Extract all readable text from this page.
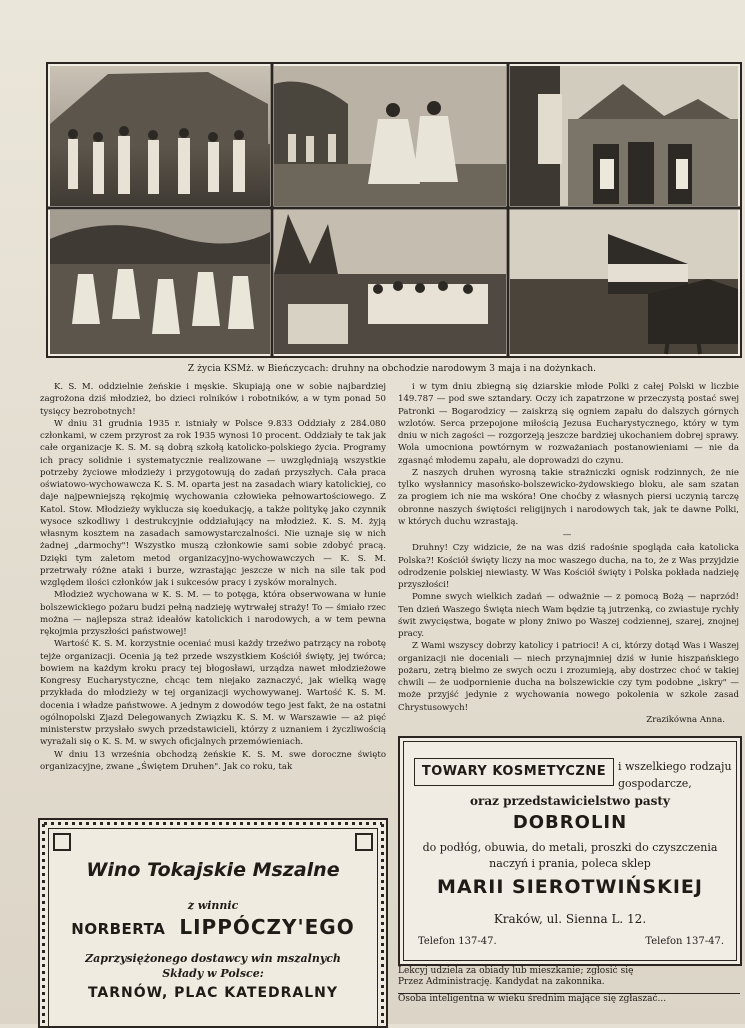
Z życia KSMż. w Bieńczycach: druhny na obchodzie narodowym 3 maja i na dożynkach.

K. S. M. oddzielnie żeńskie i męskie. Skupiają one w sobie najbardziej zagrożona dziś młodzież, bo dzieci rolników i robotników, a w tym ponad 50 tysięcy bezrobotnych!

W dniu 31 grudnia 1935 r. istniały w Polsce 9.833 Oddziały z 284.080 członkami, w czem przyrost za rok 1935 wynosi 10 procent. Oddziały te tak jak całe organizacje K. S. M. są dobrą szkołą katolicko-polskiego życia. Programy ich pracy solidnie i systematycznie realizowane — uwzględniają wszystkie potrzeby życiowe młodzieży i przygotowują do zadań przyszłych. Cała praca oświatowo-wychowawcza K. S. M. oparta jest na zasadach wiary katolickiej, co daje najpewniejszą rękojmię wychowania człowieka pełnowartościowego. Z Katol. Stow. Młodzieży wyklucza się koedukację, a także politykę jako czynnik wysoce szkodliwy i destrukcyjnie oddziałujący na młodzież. K. S. M. żyją własnym kosztem na zasadach samowystarczalności. Nie uznaje się w nich żadnej „darmochy"! Wszystko muszą członkowie sami sobie zdobyć pracą. Dzięki tym zaletom metod organizacyjno-wychowawczych — K. S. M. przetrwały różne ataki i burze, wzrastając jeszcze w nich na sile tak pod względem ilości członków jak i sukcesów pracy i zysków moralnych.

Młodzież wychowana w K. S. M. — to potęga, która obserwowana w łunie bolszewickiego pożaru budzi pełną nadzieję wytrwałej straży! To — śmiało rzec można — najlepsza straż ideałów katolickich i narodowych, a w tem pewna rękojmia przyszłości państwowej!

Wartość K. S. M. korzystnie oceniać musi każdy trzeźwo patrzący na robotę tejże organizacji. Ocenia ją też przede wszystkiem Kościół święty, jej twórca; bowiem na każdym kroku pracy tej błogosławi, urządza nawet młodzieżowe Kongresy Eucharystyczne, chcąc tem niejako zaznaczyć, jak wielką wagę przykłada do młodzieży w tej organizacji wychowywanej. Wartość K. S. M. docenia i władze państwowe. A jednym z dowodów tego jest fakt, że na ostatni ogólnopolski Zjazd Delegowanych Związku K. S. M. w Warszawie — aż pięć ministerstw przysłało swych przedstawicieli, którzy z uznaniem i życzliwością wyrażali się o K. S. M. w swych oficjalnych przemówieniach.

W dniu 13 września obchodzą żeńskie K. S. M. swe doroczne święto organizacyjne, zwane „Świętem Druhen". Jak co roku, tak

i w tym dniu zbiegną się dziarskie młode Polki z całej Polski w liczbie 149.787 — pod swe sztandary. Oczy ich zapatrzone w przeczystą postać swej Patronki — Bogarodzicy — zaiskrzą się ogniem zapału do dalszych górnych wzlotów. Serca przepojone miłością Jezusa Eucharystycznego, który w tym dniu w nich zagości — rozgorzeją jeszcze bardziej ukochaniem dobrej sprawy. Wola umocniona powtórnym w rozważaniach postanowieniami — nie da zgasnąć młodemu zapału, ale doprowadzi do czynu.

Z naszych druhen wyrosną takie strażniczki ognisk rodzinnych, że nie tylko wysłannicy masońsko-bolszewicko-żydowskiego bloku, ale sam szatan za progiem ich nie ma wskóra! One choćby z własnych piersi uczynią tarczę obronne naszych świętości religijnych i narodowych tak, jak te dawne Polki, w których duchu wzrastają.

—

Druhny! Czy widzicie, że na was dziś radośnie spogląda cała katolicka Polska?! Kościół święty liczy na moc waszego ducha, na to, że z Was przyjdzie odrodzenie polskiej niewiasty. W Was Kościół święty i Polska pokłada nadzieję przyszłości!

Pomne swych wielkich zadań — odważnie — z pomocą Bożą — naprzód! Ten dzień Waszego Święta niech Wam będzie tą jutrzenką, co zwiastuje rychły świt zwycięstwa, bogate w plony żniwo po Waszej codziennej, szarej, znojnej pracy.

Z Wami wszyscy dobrzy katolicy i patrioci! A ci, którzy dotąd Was i Waszej organizacji nie doceniali — niech przynajmniej dziś w łunie hiszpańskiego pożaru, zetrą bielmo ze swych oczu i zrozumieją, aby dostrzec choć w takiej chwili — że uodpornienie ducha na bolszewickie czy tym podobne „iskry" — może przyjść jedynie z wychowania nowego pokolenia w szkole zasad Chrystusowych!

Zrazikówna Anna.
Wino Tokajskie Mszalne
z winnic
NORBERTA LIPPÓCZY'EGO
Zaprzysiężonego dostawcy win mszalnych
Składy w Polsce:
TARNÓW, PLAC KATEDRALNY
TOWARY KOSMETYCZNE	i wszelkiego rodzaju gospodarcze,
oraz przedstawicielstwo pasty
DOBROLIN
do podłóg, obuwia, do metali, proszki do czyszczenia naczyń i prania, poleca sklep
MARII SIEROTWIŃSKIEJ
Kraków, ul. Sienna L. 12.
Telefon 137-47.	Telefon 137-47.
Lekcyj udziela za obiady lub mieszkanie; zgłosić się
Przez Administrację. Kandydat na zakonnika.
Osoba inteligentna w wieku średnim mające się zgłaszać...
